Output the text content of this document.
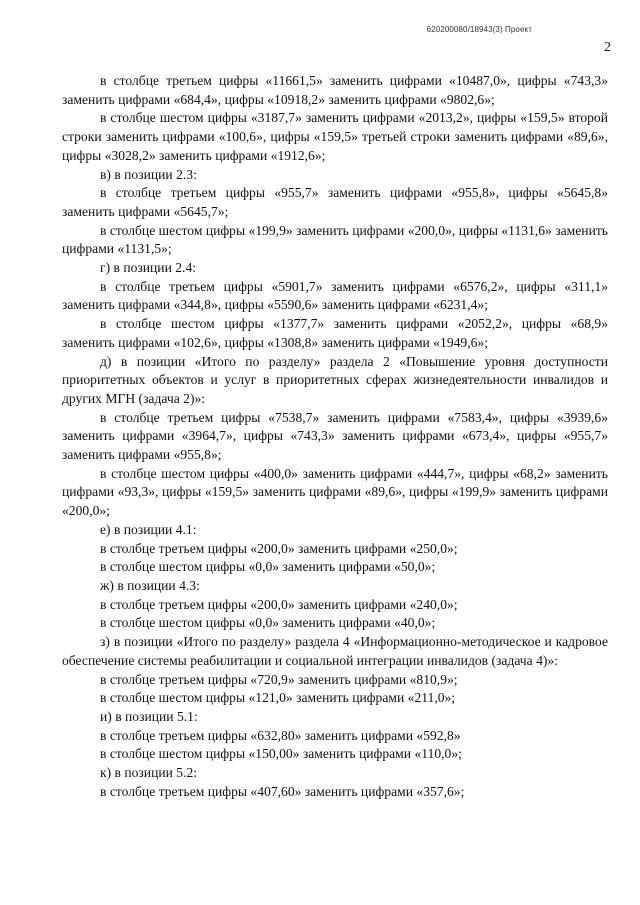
620200080/18943(3) Проект
2

в столбце третьем цифры «11661,5» заменить цифрами «10487,0», цифры «743,3» заменить цифрами «684,4», цифры «10918,2» заменить цифрами «9802,6»;

в столбце шестом цифры «3187,7» заменить цифрами «2013,2», цифры «159,5» второй строки заменить цифрами «100,6», цифры «159,5» третьей строки заменить цифрами «89,6», цифры «3028,2» заменить цифрами «1912,6»;

в) в позиции 2.3:

в столбце третьем цифры «955,7» заменить цифрами «955,8», цифры «5645,8» заменить цифрами «5645,7»;

в столбце шестом цифры «199,9» заменить цифрами «200,0», цифры «1131,6» заменить цифрами «1131,5»;

г) в позиции 2.4:

в столбце третьем цифры «5901,7» заменить цифрами «6576,2», цифры «311,1» заменить цифрами «344,8», цифры «5590,6» заменить цифрами «6231,4»;

в столбце шестом цифры «1377,7» заменить цифрами «2052,2», цифры «68,9» заменить цифрами «102,6», цифры «1308,8» заменить цифрами «1949,6»;

д) в позиции «Итого по разделу» раздела 2 «Повышение уровня доступности приоритетных объектов и услуг в приоритетных сферах жизнедеятельности инвалидов и других МГН (задача 2)»:

в столбце третьем цифры «7538,7» заменить цифрами «7583,4», цифры «3939,6» заменить цифрами «3964,7», цифры «743,3» заменить цифрами «673,4», цифры «955,7» заменить цифрами «955,8»;

в столбце шестом цифры «400,0» заменить цифрами «444,7», цифры «68,2» заменить цифрами «93,3», цифры «159,5» заменить цифрами «89,6», цифры «199,9» заменить цифрами «200,0»;

е) в позиции 4.1:

в столбце третьем цифры «200,0» заменить цифрами «250,0»;

в столбце шестом цифры «0,0» заменить цифрами «50,0»;

ж) в позиции 4.3:

в столбце третьем цифры «200,0» заменить цифрами «240,0»;

в столбце шестом цифры «0,0» заменить цифрами «40,0»;

з) в позиции «Итого по разделу» раздела 4 «Информационно-методическое и кадровое обеспечение системы реабилитации и социальной интеграции инвалидов (задача 4)»:

в столбце третьем цифры «720,9» заменить цифрами «810,9»;

в столбце шестом цифры «121,0» заменить цифрами «211,0»;

и) в позиции 5.1:

в столбце третьем цифры «632,80» заменить цифрами «592,8»

в столбце шестом цифры «150,00» заменить цифрами «110,0»;

к) в позиции 5.2:

в столбце третьем цифры «407,60» заменить цифрами «357,6»;
